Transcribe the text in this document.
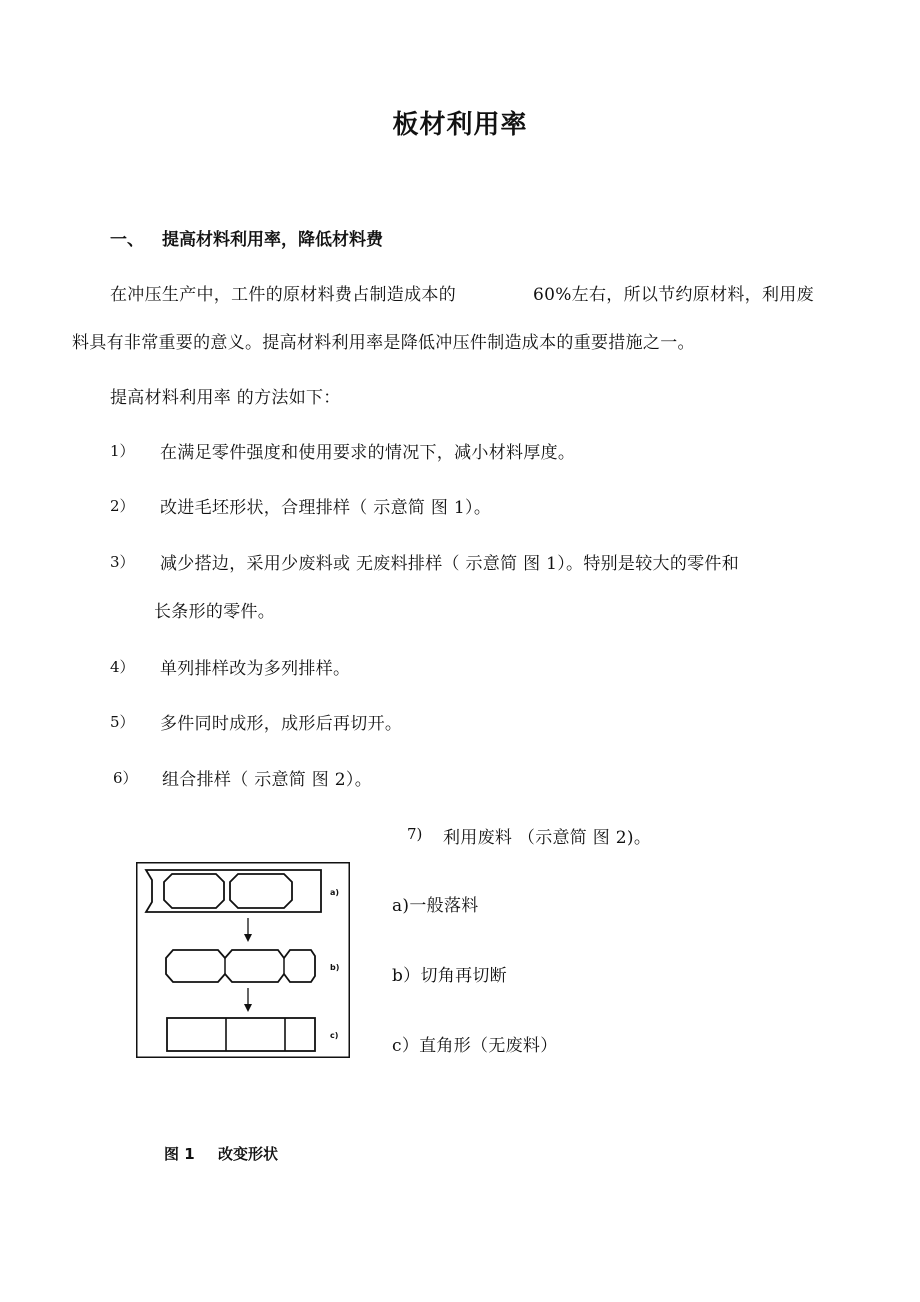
板材利用率
一、 提高材料利用率，降低材料费
在冲压生产中，工件的原材料费占制造成本的	60%左右，所以节约原材料，利用废
料具有非常重要的意义。提高材料利用率是降低冲压件制造成本的重要措施之一。
提高材料利用率 的方法如下：
1） 在满足零件强度和使用要求的情况下，减小材料厚度。
2） 改进毛坯形状，合理排样（ 示意简 图 1）。
3） 减少搭边，采用少废料或 无废料排样（ 示意简 图 1）。特别是较大的零件和
长条形的零件。
4） 单列排样改为多列排样。
5） 多件同时成形，成形后再切开。
6） 组合排样（ 示意简 图 2）。
7) 利用废料 （示意简 图 2)。
a)
b)
c)
a)一般落料
b）切角再切断
c）直角形（无废料）
图 1 改变形状
